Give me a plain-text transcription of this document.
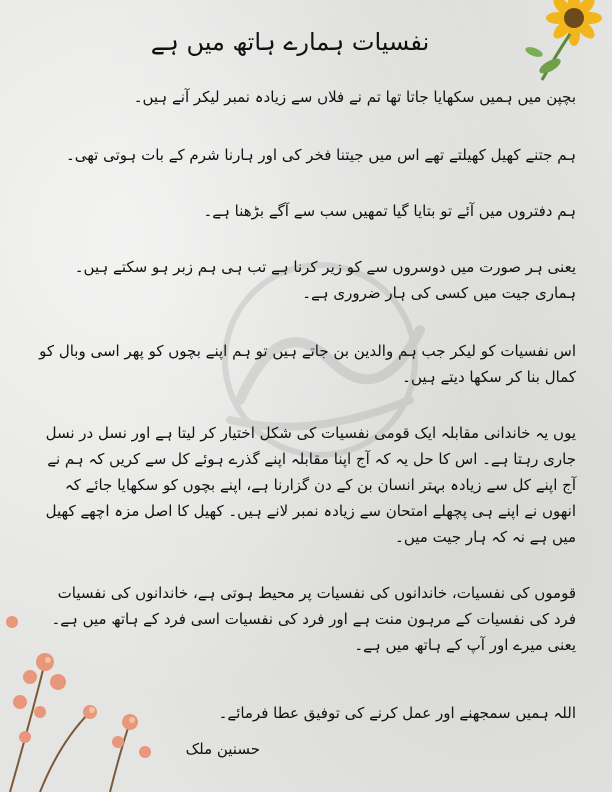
نفسیات ہمارے ہاتھ میں ہے

بچپن میں ہمیں سکھایا جاتا تھا تم نے فلاں سے زیادہ نمبر لیکر آنے ہیں۔

ہم جتنے کھیل کھیلتے تھے اس میں جیتنا فخر کی اور ہارنا شرم کے بات ہوتی تھی۔

ہم دفتروں میں آئے تو بتایا گیا تمھیں سب سے آگے بڑھنا ہے۔

یعنی ہر صورت میں دوسروں سے کو زیر کرنا ہے تب ہی ہم زبر ہو سکتے ہیں۔ ہماری جیت میں کسی کی ہار ضروری ہے۔

اس نفسیات کو لیکر جب ہم والدین بن جاتے ہیں تو ہم اپنے بچوں کو پھر اسی وبال کو کمال بنا کر سکھا دیتے ہیں۔

یوں یہ خاندانی مقابلہ ایک قومی نفسیات کی شکل اختیار کر لیتا ہے اور نسل در نسل جاری رہتا ہے۔ اس کا حل یہ کہ آج اپنا مقابلہ اپنے گذرے ہوئے کل سے کریں کہ ہم نے آج اپنے کل سے زیادہ بہتر انسان بن کے دن گزارنا ہے، اپنے بچوں کو سکھایا جائے کہ انھوں نے اپنے ہی پچھلے امتحان سے زیادہ نمبر لانے ہیں۔ کھیل کا اصل مزہ اچھے کھیل میں ہے نہ کہ ہار جیت میں۔

قوموں کی نفسیات، خاندانوں کی نفسیات پر محیط ہوتی ہے، خاندانوں کی نفسیات فرد کی نفسیات کے مرہون منت ہے اور فرد کی نفسیات اسی فرد کے ہاتھ میں ہے۔ یعنی میرے اور آپ کے ہاتھ میں ہے۔

اللہ ہمیں سمجھنے اور عمل کرنے کی توفیق عطا فرمائے۔

حسنین ملک
